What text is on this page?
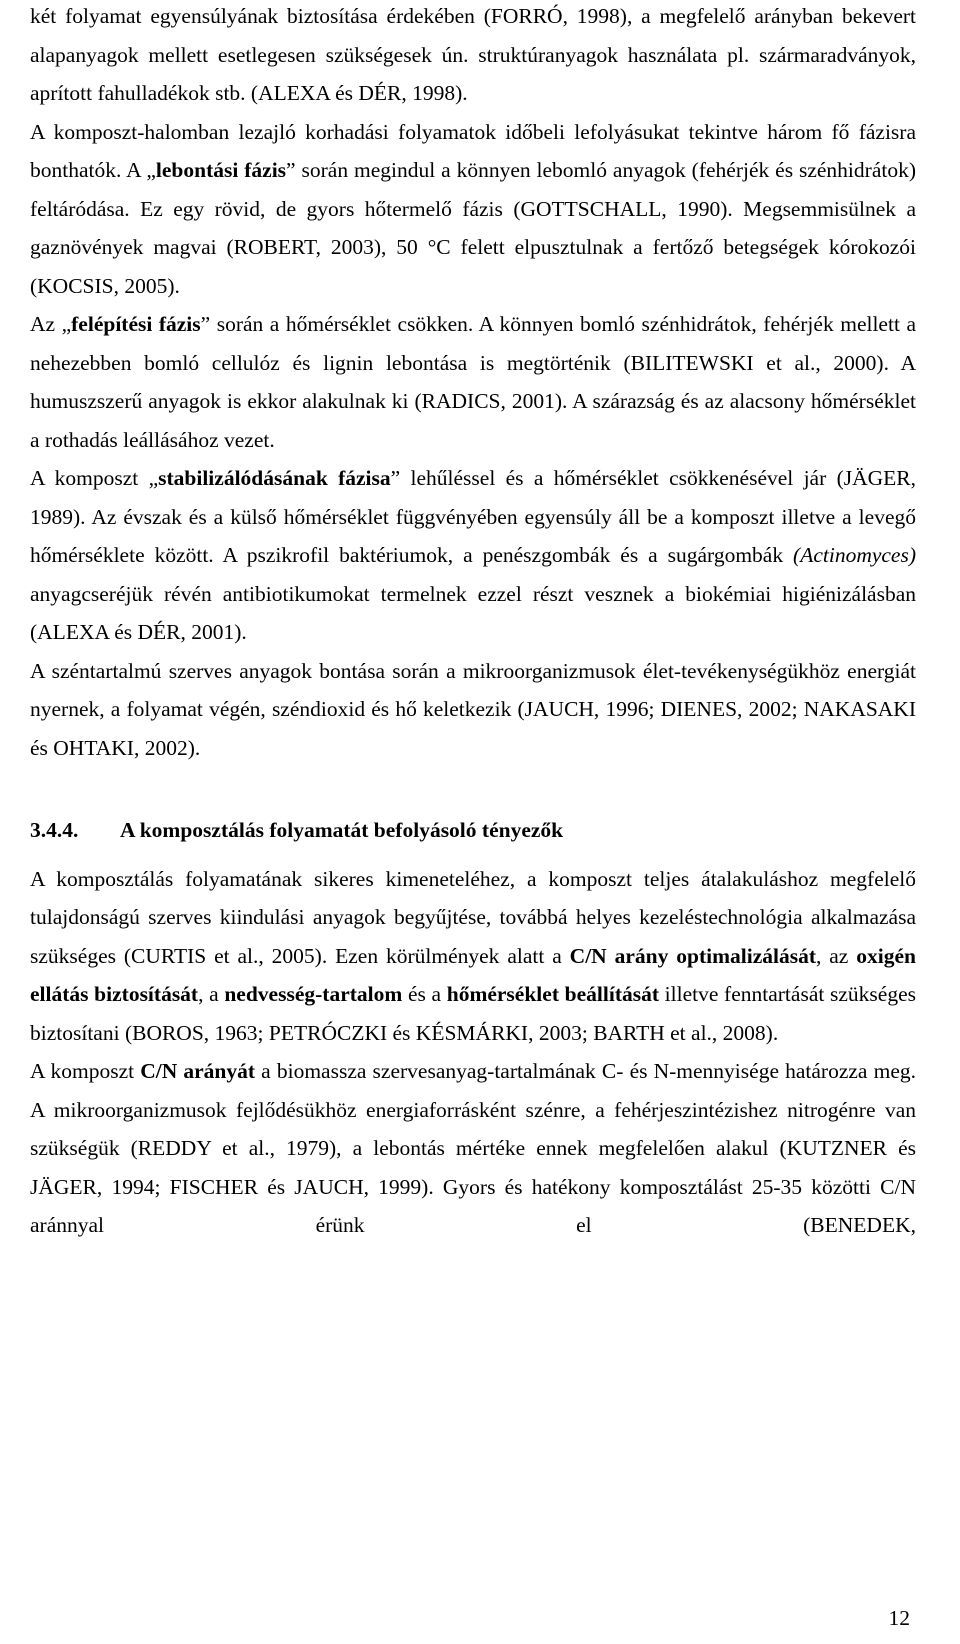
két folyamat egyensúlyának biztosítása érdekében (FORRÓ, 1998), a megfelelő arányban bekevert alapanyagok mellett esetlegesen szükségesek ún. struktúranyagok használata pl. szármaradványok, aprított fahulladékok stb. (ALEXA és DÉR, 1998).

A komposzt-halomban lezajló korhadási folyamatok időbeli lefolyásukat tekintve három fő fázisra bonthatók. A „lebontási fázis” során megindul a könnyen lebomló anyagok (fehérjék és szénhidrátok) feltáródása. Ez egy rövid, de gyors hőtermelő fázis (GOTTSCHALL, 1990). Megsemmisülnek a gaznövények magvai (ROBERT, 2003), 50 °C felett elpusztulnak a fertőző betegségek kórokozói (KOCSIS, 2005).

Az „felépítési fázis” során a hőmérséklet csökken. A könnyen bomló szénhidrátok, fehérjék mellett a nehezebben bomló cellulóz és lignin lebontása is megtörténik (BILITEWSKI et al., 2000). A humuszszerű anyagok is ekkor alakulnak ki (RADICS, 2001). A szárazság és az alacsony hőmérséklet a rothadás leállásához vezet.

A komposzt „stabilizálódásának fázisa” lehűléssel és a hőmérséklet csökkenésével jár (JÄGER, 1989). Az évszak és a külső hőmérséklet függvényében egyensúly áll be a komposzt illetve a levegő hőmérséklete között. A pszikrofil baktériumok, a penészgombák és a sugárgombák (Actinomyces) anyagcseréjük révén antibiotikumokat termelnek ezzel részt vesznek a biokémiai higiénizálásban (ALEXA és DÉR, 2001).

A széntartalmú szerves anyagok bontása során a mikroorganizmusok élet-tevékenységükhöz energiát nyernek, a folyamat végén, széndioxid és hő keletkezik (JAUCH, 1996; DIENES, 2002; NAKASAKI és OHTAKI, 2002).

3.4.4. A komposztálás folyamatát befolyásoló tényezők

A komposztálás folyamatának sikeres kimeneteléhez, a komposzt teljes átalakuláshoz megfelelő tulajdonságú szerves kiindulási anyagok begyűjtése, továbbá helyes kezeléstechnológia alkalmazása szükséges (CURTIS et al., 2005). Ezen körülmények alatt a C/N arány optimalizálását, az oxigén ellátás biztosítását, a nedvesség-tartalom és a hőmérséklet beállítását illetve fenntartását szükséges biztosítani (BOROS, 1963; PETRÓCZKI és KÉSMÁRKI, 2003; BARTH et al., 2008).

A komposzt C/N arányát a biomassza szervesanyag-tartalmának C- és N-mennyisége határozza meg. A mikroorganizmusok fejlődésükhöz energiaforrásként szénre, a fehérjeszintézishez nitrogénre van szükségük (REDDY et al., 1979), a lebontás mértéke ennek megfelelően alakul (KUTZNER és JÄGER, 1994; FISCHER és JAUCH, 1999). Gyors és hatékony komposztálást 25-35 közötti C/N aránnyal érünk el (BENEDEK,

12
